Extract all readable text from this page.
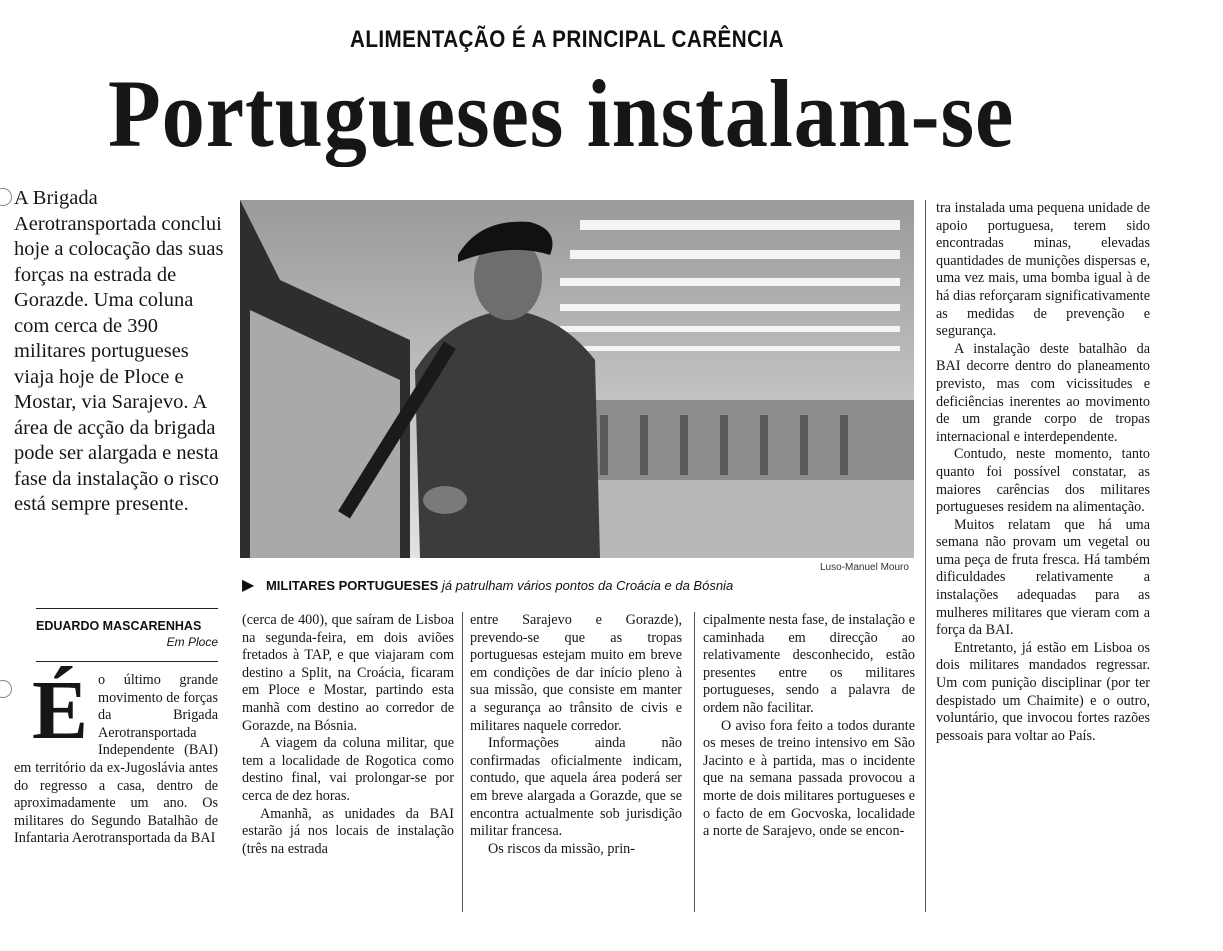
ALIMENTAÇÃO É A PRINCIPAL CARÊNCIA
Portugueses instalam-se
A Brigada Aerotransportada conclui hoje a colocação das suas forças na estrada de Gorazde. Uma coluna com cerca de 390 militares portugueses viaja hoje de Ploce e Mostar, via Sarajevo. A área de acção da brigada pode ser alargada e nesta fase da instalação o risco está sempre presente.
Luso-Manuel Mouro
▶ MILITARES PORTUGUESES já patrulham vários pontos da Croácia e da Bósnia
EDUARDO MASCARENHAS
Em Ploce
É o último grande movimento de forças da Brigada Aerotransportada Independente (BAI) em território da ex-Jugoslávia antes do regresso a casa, dentro de aproximadamente um ano. Os militares do Segundo Batalhão de Infantaria Aerotransportada da BAI

(cerca de 400), que saíram de Lisboa na segunda-feira, em dois aviões fretados à TAP, e que viajaram com destino a Split, na Croácia, ficaram em Ploce e Mostar, partindo esta manhã com destino ao corredor de Gorazde, na Bósnia.

A viagem da coluna militar, que tem a localidade de Rogotica como destino final, vai prolongar-se por cerca de dez horas.

Amanhã, as unidades da BAI estarão já nos locais de instalação (três na estrada

entre Sarajevo e Gorazde), prevendo-se que as tropas portuguesas estejam muito em breve em condições de dar início pleno à sua missão, que consiste em manter a segurança ao trânsito de civis e militares naquele corredor.

Informações ainda não confirmadas oficialmente indicam, contudo, que aquela área poderá ser em breve alargada a Gorazde, que se encontra actualmente sob jurisdição militar francesa.

Os riscos da missão, prin-

cipalmente nesta fase, de instalação e caminhada em direcção ao relativamente desconhecido, estão presentes entre os militares portugueses, sendo a palavra de ordem não facilitar.

O aviso fora feito a todos durante os meses de treino intensivo em São Jacinto e à partida, mas o incidente que na semana passada provocou a morte de dois militares portugueses e o facto de em Gocvoska, localidade a norte de Sarajevo, onde se encon-

tra instalada uma pequena unidade de apoio portuguesa, terem sido encontradas minas, elevadas quantidades de munições dispersas e, uma vez mais, uma bomba igual à de há dias reforçaram significativamente as medidas de prevenção e segurança.

A instalação deste batalhão da BAI decorre dentro do planeamento previsto, mas com vicissitudes e deficiências inerentes ao movimento de um grande corpo de tropas internacional e interdependente.

Contudo, neste momento, tanto quanto foi possível constatar, as maiores carências dos militares portugueses residem na alimentação.

Muitos relatam que há uma semana não provam um vegetal ou uma peça de fruta fresca. Há também dificuldades relativamente a instalações adequadas para as mulheres militares que vieram com a força da BAI.

Entretanto, já estão em Lisboa os dois militares mandados regressar. Um com punição disciplinar (por ter despistado um Chaimite) e o outro, voluntário, que invocou fortes razões pessoais para voltar ao País.
